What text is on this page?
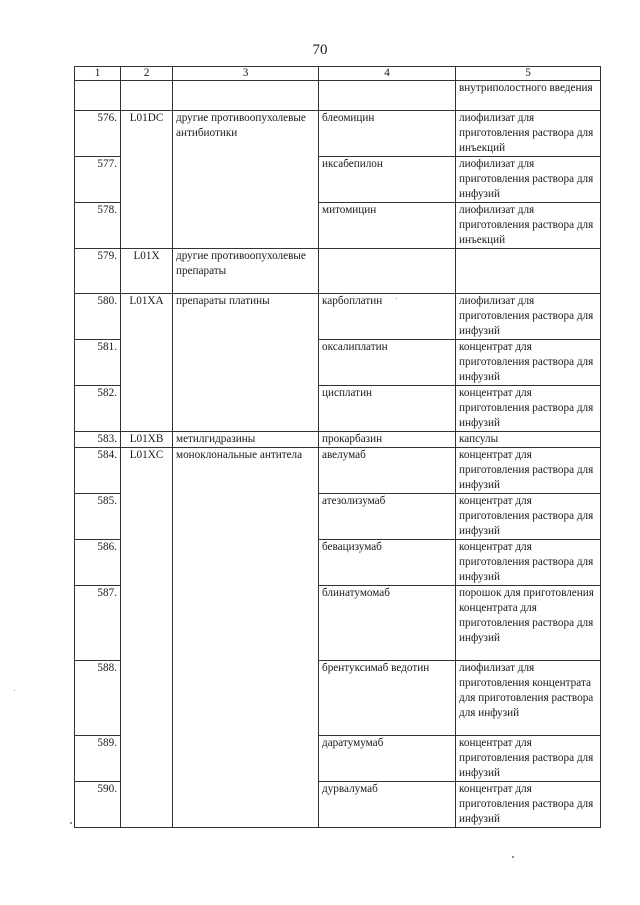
70
1	2	3	4	5
				внутриполостного введения
576.	L01DC	другие противоопухолевые антибиотики	блеомицин	лиофилизат для приготовления раствора для инъекций
577.			иксабепилон	лиофилизат для приготовления раствора для инфузий
578.			митомицин	лиофилизат для приготовления раствора для инъекций
579.	L01X	другие противоопухолевые препараты		
580.	L01XA	препараты платины	карбоплатин	лиофилизат для приготовления раствора для инфузий
581.			оксалиплатин	концентрат для приготовления раствора для инфузий
582.			цисплатин	концентрат для приготовления раствора для инфузий
583.	L01XB	метилгидразины	прокарбазин	капсулы
584.	L01XC	моноклональные антитела	авелумаб	концентрат для приготовления раствора для инфузий
585.			атезолизумаб	концентрат для приготовления раствора для инфузий
586.			бевацизумаб	концентрат для приготовления раствора для инфузий
587.			блинатумомаб	порошок для приготовления концентрата для приготовления раствора для инфузий
588.			брентуксимаб ведотин	лиофилизат для приготовления концентрата для приготовления раствора для инфузий
589.			даратумумаб	концентрат для приготовления раствора для инфузий
590.			дурвалумаб	концентрат для приготовления раствора для инфузий
